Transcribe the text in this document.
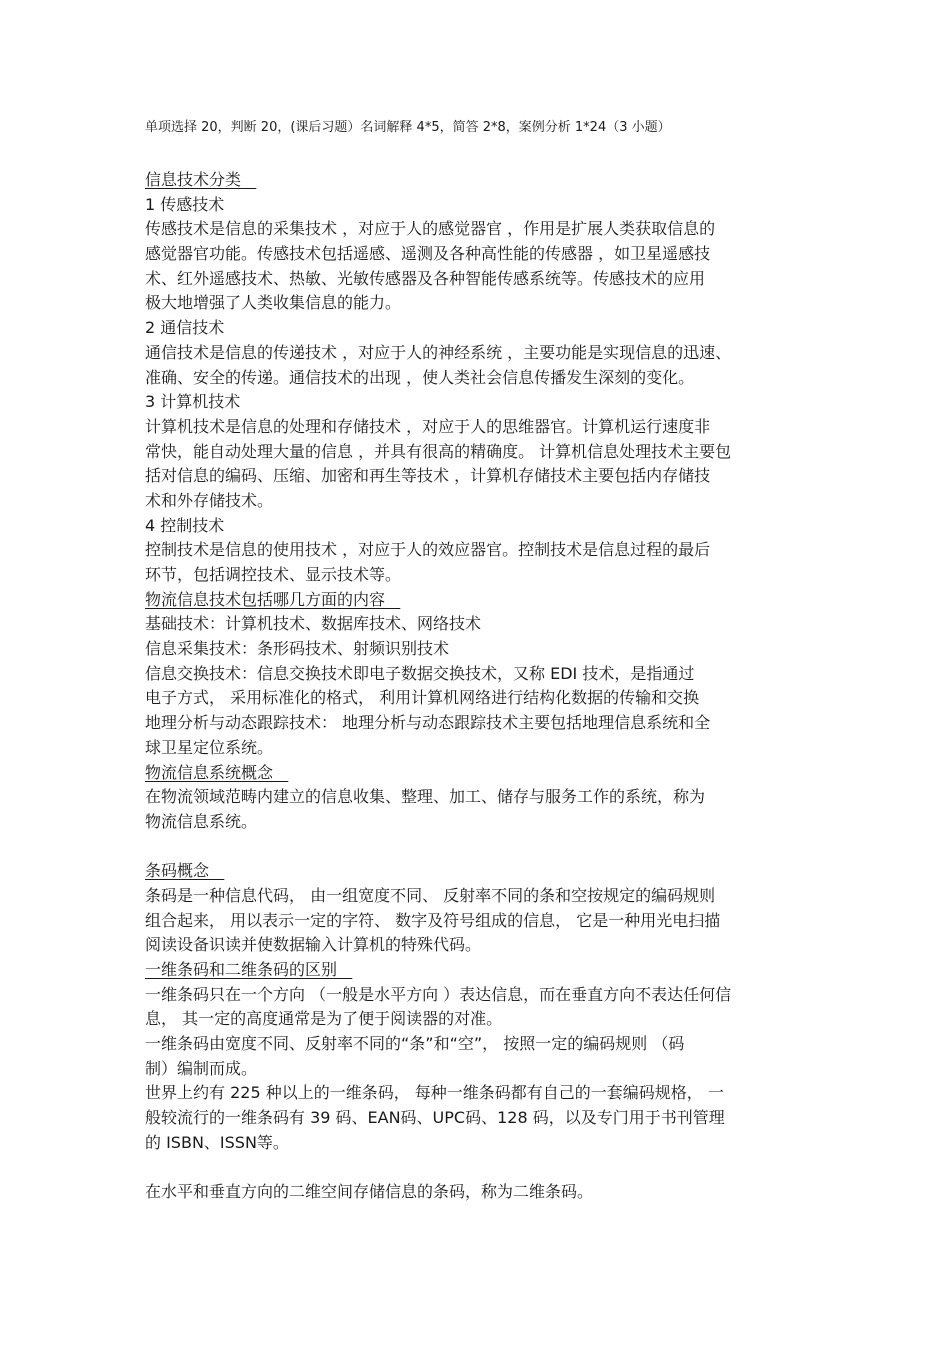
单项选择 20，判断 20，(课后习题）名词解释 4*5，简答 2*8，案例分析 1*24（3 小题）
信息技术分类
1 传感技术
传感技术是信息的采集技术 ，对应于人的感觉器官 ，作用是扩展人类获取信息的
感觉器官功能。传感技术包括遥感、遥测及各种高性能的传感器 ，如卫星遥感技
术、红外遥感技术、热敏、光敏传感器及各种智能传感系统等。传感技术的应用
极大地增强了人类收集信息的能力。
2 通信技术
通信技术是信息的传递技术 ，对应于人的神经系统 ，主要功能是实现信息的迅速、
准确、安全的传递。通信技术的出现 ，使人类社会信息传播发生深刻的变化。
3 计算机技术
计算机技术是信息的处理和存储技术 ，对应于人的思维器官。计算机运行速度非
常快，能自动处理大量的信息 ，并具有很高的精确度。 计算机信息处理技术主要包
括对信息的编码、压缩、加密和再生等技术 ，计算机存储技术主要包括内存储技
术和外存储技术。
4 控制技术
控制技术是信息的使用技术 ，对应于人的效应器官。控制技术是信息过程的最后
环节，包括调控技术、显示技术等。
物流信息技术包括哪几方面的内容
基础技术：计算机技术、数据库技术、网络技术
信息采集技术：条形码技术、射频识别技术
信息交换技术：信息交换技术即电子数据交换技术，又称 EDI 技术，是指通过
电子方式， 采用标准化的格式， 利用计算机网络进行结构化数据的传输和交换
地理分析与动态跟踪技术： 地理分析与动态跟踪技术主要包括地理信息系统和全
球卫星定位系统。
物流信息系统概念
在物流领域范畴内建立的信息收集、整理、加工、储存与服务工作的系统，称为
物流信息系统。
条码概念
条码是一种信息代码， 由一组宽度不同、 反射率不同的条和空按规定的编码规则
组合起来， 用以表示一定的字符、 数字及符号组成的信息， 它是一种用光电扫描
阅读设备识读并使数据输入计算机的特殊代码。
一维条码和二维条码的区别
一维条码只在一个方向 （一般是水平方向 ）表达信息，而在垂直方向不表达任何信
息， 其一定的高度通常是为了便于阅读器的对准。
一维条码由宽度不同、反射率不同的“条”和“空”， 按照一定的编码规则 （码
制）编制而成。
世界上约有 225 种以上的一维条码， 每种一维条码都有自己的一套编码规格， 一
般较流行的一维条码有 39 码、EAN码、UPC码、128 码，以及专门用于书刊管理
的 ISBN、ISSN等。
在水平和垂直方向的二维空间存储信息的条码，称为二维条码。
